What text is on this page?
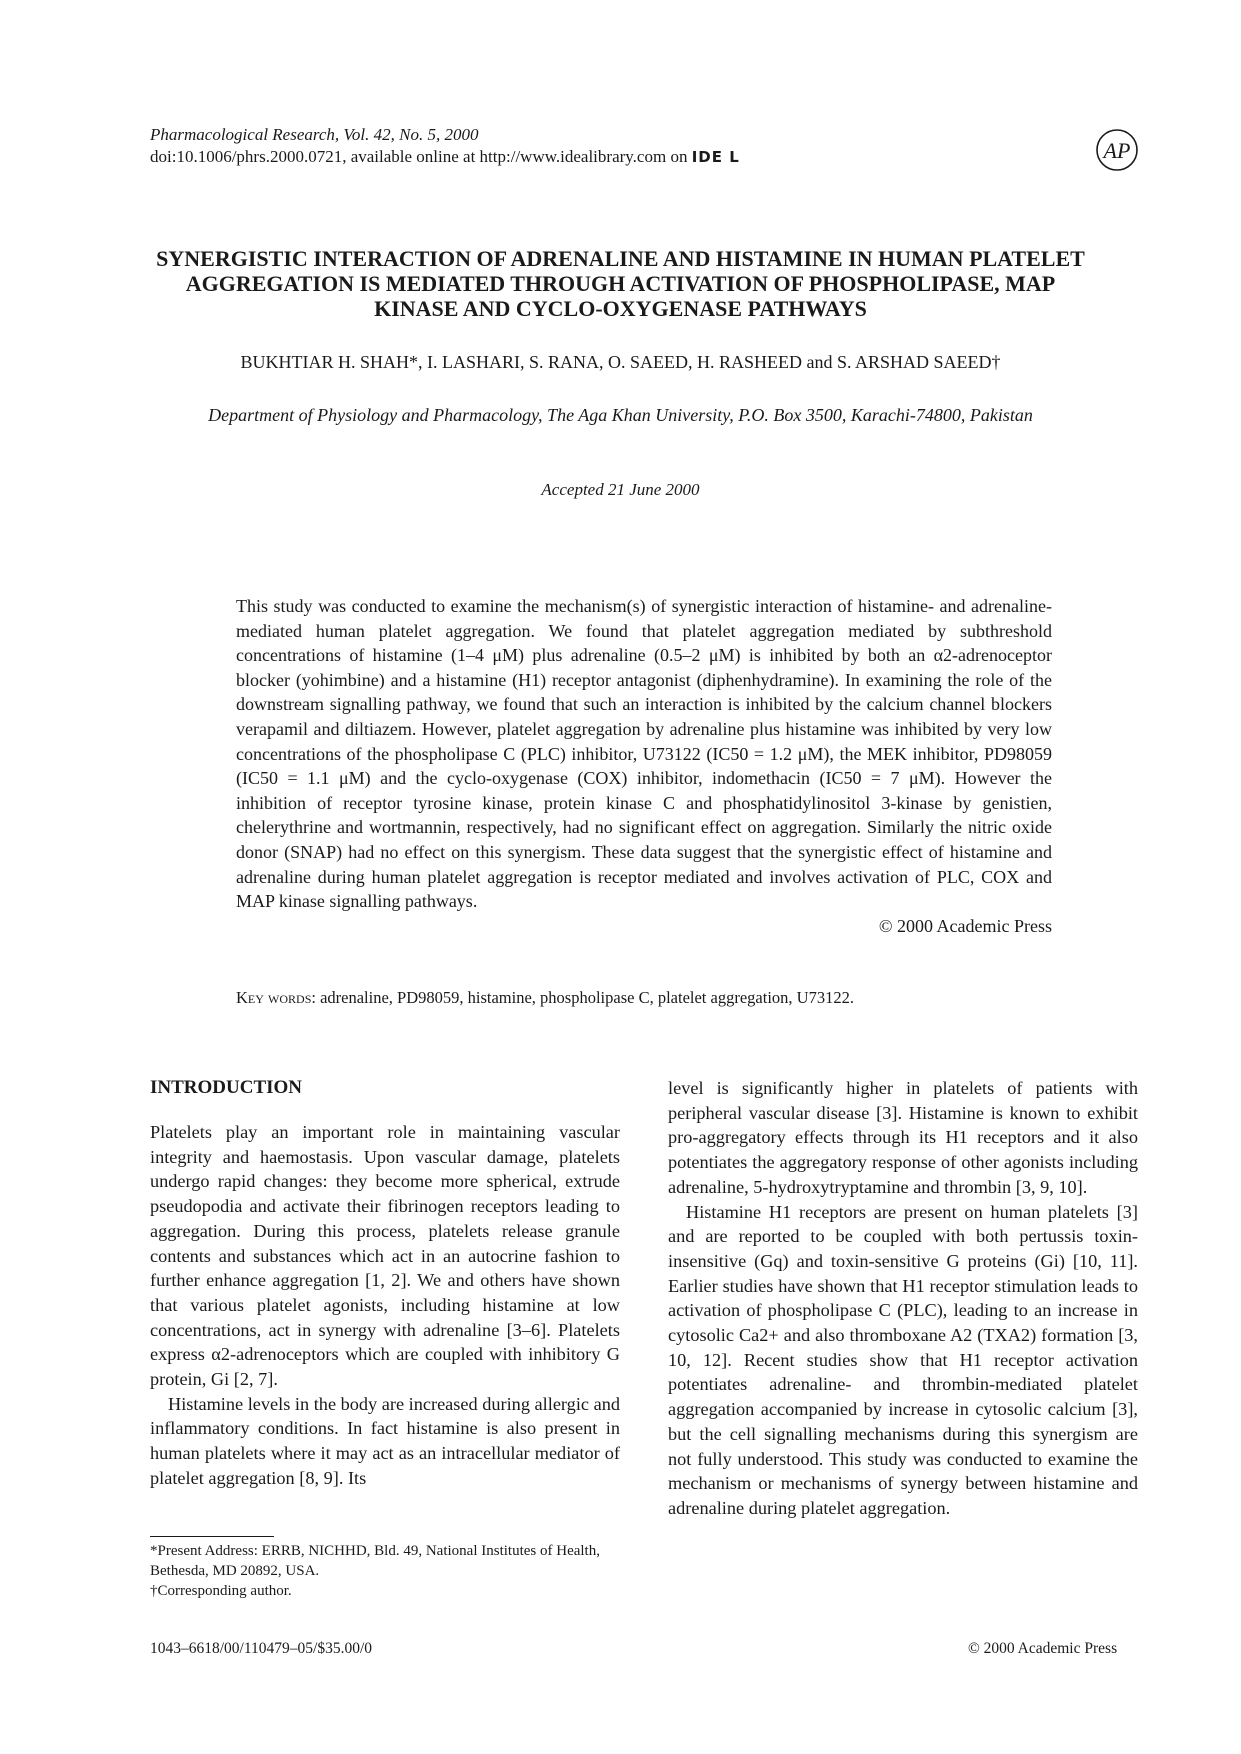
Pharmacological Research, Vol. 42, No. 5, 2000
doi:10.1006/phrs.2000.0721, available online at http://www.idealibrary.com on IDE L	AP
SYNERGISTIC INTERACTION OF ADRENALINE AND HISTAMINE IN HUMAN PLATELET AGGREGATION IS MEDIATED THROUGH ACTIVATION OF PHOSPHOLIPASE, MAP KINASE AND CYCLO-OXYGENASE PATHWAYS
BUKHTIAR H. SHAH*, I. LASHARI, S. RANA, O. SAEED, H. RASHEED and S. ARSHAD SAEED†
Department of Physiology and Pharmacology, The Aga Khan University, P.O. Box 3500, Karachi-74800, Pakistan
Accepted 21 June 2000
This study was conducted to examine the mechanism(s) of synergistic interaction of histamine- and adrenaline-mediated human platelet aggregation. We found that platelet aggregation mediated by subthreshold concentrations of histamine (1–4 μM) plus adrenaline (0.5–2 μM) is inhibited by both an α2-adrenoceptor blocker (yohimbine) and a histamine (H1) receptor antagonist (diphenhydramine). In examining the role of the downstream signalling pathway, we found that such an interaction is inhibited by the calcium channel blockers verapamil and diltiazem. However, platelet aggregation by adrenaline plus histamine was inhibited by very low concentrations of the phospholipase C (PLC) inhibitor, U73122 (IC50 = 1.2 μM), the MEK inhibitor, PD98059 (IC50 = 1.1 μM) and the cyclo-oxygenase (COX) inhibitor, indomethacin (IC50 = 7 μM). However the inhibition of receptor tyrosine kinase, protein kinase C and phosphatidylinositol 3-kinase by genistien, chelerythrine and wortmannin, respectively, had no significant effect on aggregation. Similarly the nitric oxide donor (SNAP) had no effect on this synergism. These data suggest that the synergistic effect of histamine and adrenaline during human platelet aggregation is receptor mediated and involves activation of PLC, COX and MAP kinase signalling pathways.
© 2000 Academic Press
Key words: adrenaline, PD98059, histamine, phospholipase C, platelet aggregation, U73122.
INTRODUCTION

Platelets play an important role in maintaining vascular integrity and haemostasis. Upon vascular damage, platelets undergo rapid changes: they become more spherical, extrude pseudopodia and activate their fibrinogen receptors leading to aggregation. During this process, platelets release granule contents and substances which act in an autocrine fashion to further enhance aggregation [1, 2]. We and others have shown that various platelet agonists, including histamine at low concentrations, act in synergy with adrenaline [3–6]. Platelets express α2-adrenoceptors which are coupled with inhibitory G protein, Gi [2, 7].

Histamine levels in the body are increased during allergic and inflammatory conditions. In fact histamine is also present in human platelets where it may act as an intracellular mediator of platelet aggregation [8, 9]. Its

level is significantly higher in platelets of patients with peripheral vascular disease [3]. Histamine is known to exhibit pro-aggregatory effects through its H1 receptors and it also potentiates the aggregatory response of other agonists including adrenaline, 5-hydroxytryptamine and thrombin [3, 9, 10].

Histamine H1 receptors are present on human platelets [3] and are reported to be coupled with both pertussis toxin-insensitive (Gq) and toxin-sensitive G proteins (Gi) [10, 11]. Earlier studies have shown that H1 receptor stimulation leads to activation of phospholipase C (PLC), leading to an increase in cytosolic Ca2+ and also thromboxane A2 (TXA2) formation [3, 10, 12]. Recent studies show that H1 receptor activation potentiates adrenaline- and thrombin-mediated platelet aggregation accompanied by increase in cytosolic calcium [3], but the cell signalling mechanisms during this synergism are not fully understood. This study was conducted to examine the mechanism or mechanisms of synergy between histamine and adrenaline during platelet aggregation.

*Present Address: ERRB, NICHHD, Bld. 49, National Institutes of Health, Bethesda, MD 20892, USA.
†Corresponding author.
1043–6618/00/110479–05/$35.00/0	© 2000 Academic Press
